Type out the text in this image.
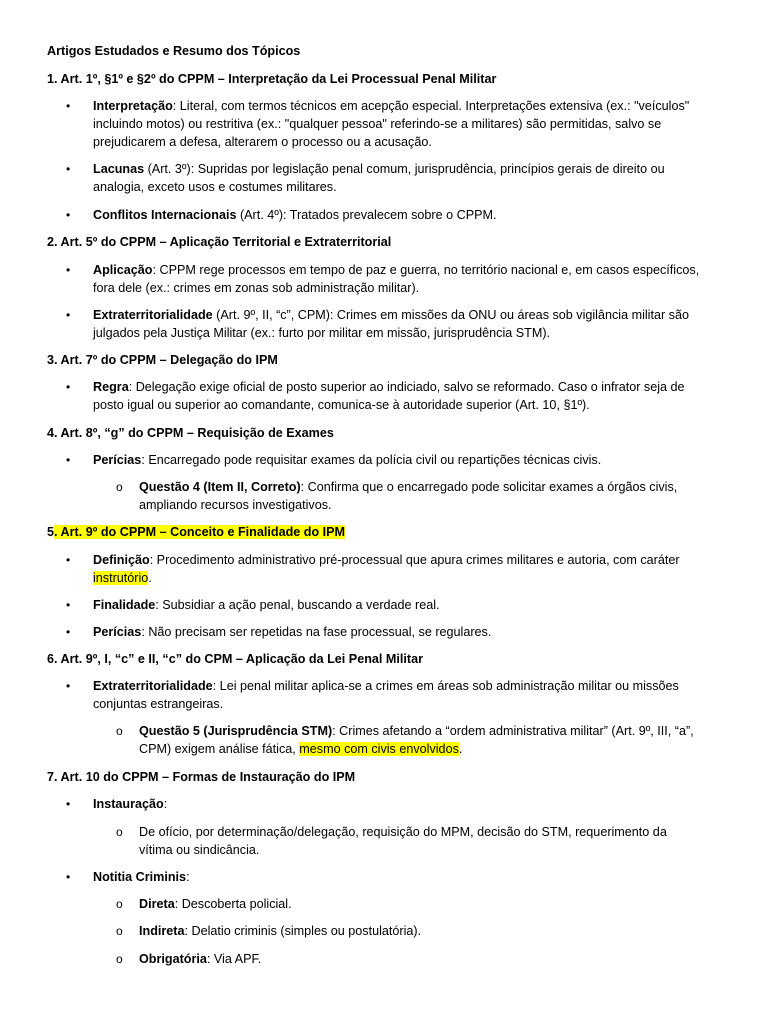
Artigos Estudados e Resumo dos Tópicos
1. Art. 1º, §1º e §2º do CPPM – Interpretação da Lei Processual Penal Militar
• Interpretação: Literal, com termos técnicos em acepção especial. Interpretações extensiva (ex.: "veículos"
incluindo motos) ou restritiva (ex.: "qualquer pessoa" referindo-se a militares) são permitidas, salvo se
prejudicarem a defesa, alterarem o processo ou a acusação.
• Lacunas (Art. 3º): Supridas por legislação penal comum, jurisprudência, princípios gerais de direito ou
analogia, exceto usos e costumes militares.
• Conflitos Internacionais (Art. 4º): Tratados prevalecem sobre o CPPM.
2. Art. 5º do CPPM – Aplicação Territorial e Extraterritorial
• Aplicação: CPPM rege processos em tempo de paz e guerra, no território nacional e, em casos específicos,
fora dele (ex.: crimes em zonas sob administração militar).
• Extraterritorialidade (Art. 9º, II, “c”, CPM): Crimes em missões da ONU ou áreas sob vigilância militar são
julgados pela Justiça Militar (ex.: furto por militar em missão, jurisprudência STM).
3. Art. 7º do CPPM – Delegação do IPM
• Regra: Delegação exige oficial de posto superior ao indiciado, salvo se reformado. Caso o infrator seja de
posto igual ou superior ao comandante, comunica-se à autoridade superior (Art. 10, §1º).
4. Art. 8º, “g” do CPPM – Requisição de Exames
• Perícias: Encarregado pode requisitar exames da polícia civil ou repartições técnicas civis.
o Questão 4 (Item II, Correto): Confirma que o encarregado pode solicitar exames a órgãos civis,
ampliando recursos investigativos.
5. Art. 9º do CPPM – Conceito e Finalidade do IPM
• Definição: Procedimento administrativo pré-processual que apura crimes militares e autoria, com caráter
instrutório.
• Finalidade: Subsidiar a ação penal, buscando a verdade real.
• Perícias: Não precisam ser repetidas na fase processual, se regulares.
6. Art. 9º, I, “c” e II, “c” do CPM – Aplicação da Lei Penal Militar
• Extraterritorialidade: Lei penal militar aplica-se a crimes em áreas sob administração militar ou missões
conjuntas estrangeiras.
o Questão 5 (Jurisprudência STM): Crimes afetando a “ordem administrativa militar” (Art. 9º, III, “a”,
CPM) exigem análise fática, mesmo com civis envolvidos.
7. Art. 10 do CPPM – Formas de Instauração do IPM
• Instauração:
o De ofício, por determinação/delegação, requisição do MPM, decisão do STM, requerimento da
vítima ou sindicância.
• Notitia Criminis:
o Direta: Descoberta policial.
o Indireta: Delatio criminis (simples ou postulatória).
o Obrigatória: Via APF.
